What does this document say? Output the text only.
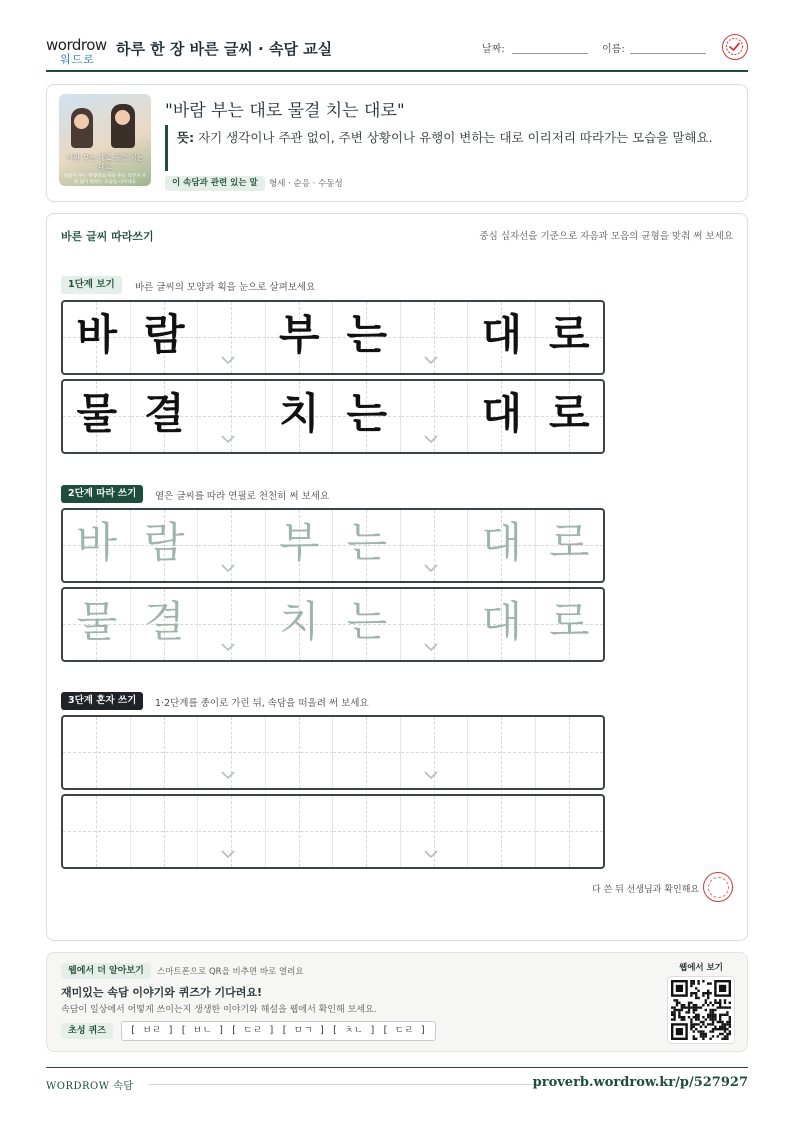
wordrow
워드로
하루 한 장 바른 글씨 · 속담 교실	날짜:	이름:
바람 부는 대로 물결 치는 대로
바람이 부는 방향대로 따라 흔들 리면서 주관 없이 변하는 모습을 나타내요
"바람 부는 대로 물결 치는 대로"
뜻: 자기 생각이나 주관 없이, 주변 상황이나 유행이 변하는 대로 이리저리 따라가는 모습을 말해요.
이 속담과 관련 있는 말	형세 · 순응 · 수동성
바른 글씨 따라쓰기	중심 십자선을 기준으로 자음과 모음의 균형을 맞춰 써 보세요
1단계 보기	바른 글씨의 모양과 획을 눈으로 살펴보세요
바 람	부 는	대 로
물 결	치 는	대 로
2단계 따라 쓰기	옅은 글씨를 따라 연필로 천천히 써 보세요
바 람	부 는	대 로
물 결	치 는	대 로
3단계 혼자 쓰기	1·2단계를 종이로 가린 뒤, 속담을 떠올려 써 보세요
다 쓴 뒤 선생님과 확인해요
웹에서 더 알아보기	스마트폰으로 QR을 비추면 바로 열려요
재미있는 속담 이야기와 퀴즈가 기다려요!
속담이 일상에서 어떻게 쓰이는지 생생한 이야기와 해설을 웹에서 확인해 보세요.
초성 퀴즈	[ ㅂㄹ ] [ ㅂㄴ ] [ ㄷㄹ ] [ ㅁㄱ ] [ ㅊㄴ ] [ ㄷㄹ ]
웹에서 보기
WORDROW 속담	proverb.wordrow.kr/p/527927
